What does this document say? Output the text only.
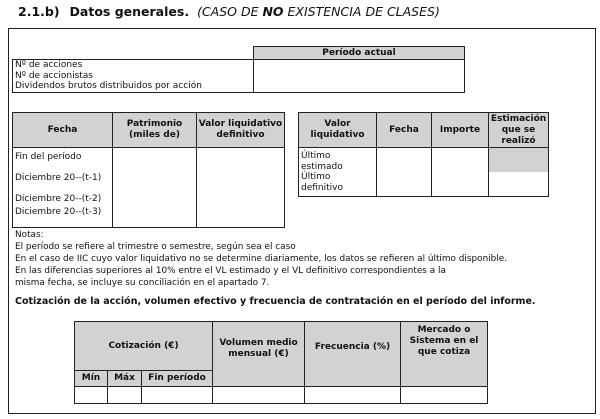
2.1.b) Datos generales. (CASO DE NO EXISTENCIA DE CLASES)
	Período actual

Nº de acciones
Nº de accionistas
Dividendos brutos distribuidos por acción	

Fecha	Patrimonio (miles de)	Valor liquidativo definitivo

Fin del período
Diciembre 20--(t-1)
Diciembre 20--(t-2)
Diciembre 20--(t-3)		

Valor liquidativo	Fecha	Importe	Estimación que se realizó

Último estimado
Último definitivo			

Notas:
El período se refiere al trimestre o semestre, según sea el caso
En el caso de IIC cuyo valor liquidativo no se determine diariamente, los datos se refieren al último disponible.
En las diferencias superiores al 10% entre el VL estimado y el VL definitivo correspondientes a la
misma fecha, se incluye su conciliación en el apartado 7.
Cotización de la acción, volumen efectivo y frecuencia de contratación en el período del informe.
Cotización (€)			Volumen medio mensual (€)	Frecuencia (%)	Mercado o Sistema en el que cotiza	
Mín	Máx	Fin período				
